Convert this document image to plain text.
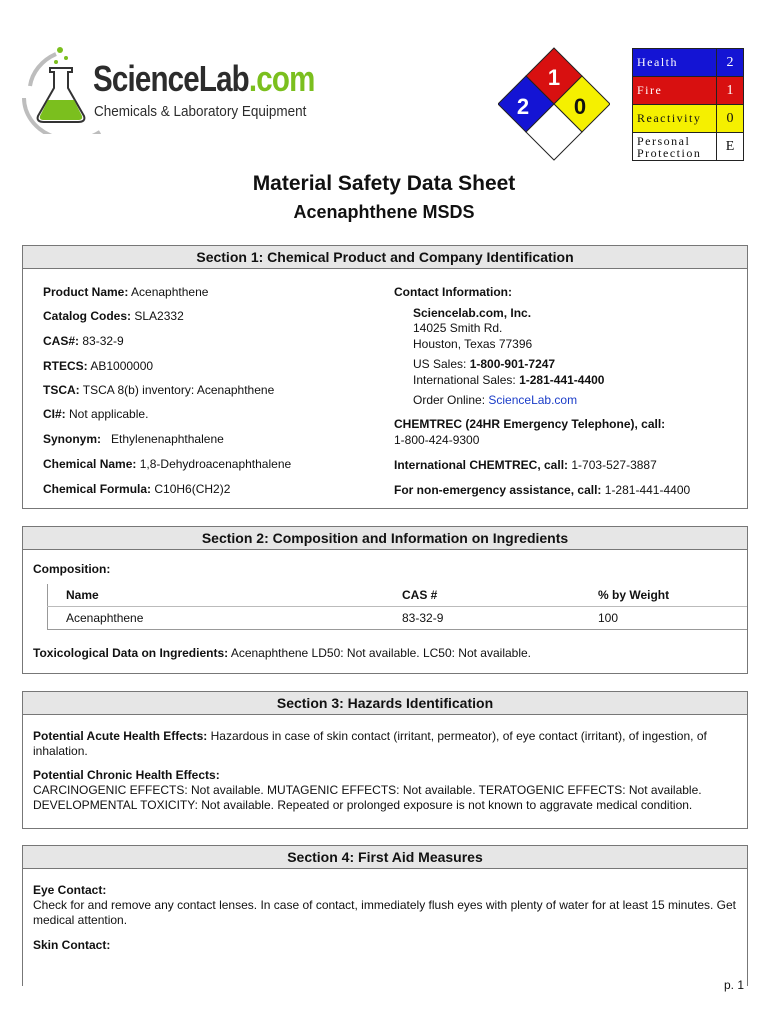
ScienceLab.com
Chemicals & Laboratory Equipment
1
2 0
Health	2
Fire	1
Reactivity	0
Personal
Protection	E
Material Safety Data Sheet
Acenaphthene MSDS
Section 1: Chemical Product and Company Identification
Product Name: Acenaphthene
Catalog Codes: SLA2332
CAS#: 83-32-9
RTECS: AB1000000
TSCA: TSCA 8(b) inventory: Acenaphthene
CI#: Not applicable.
Synonym: Ethylenenaphthalene
Chemical Name: 1,8-Dehydroacenaphthalene
Chemical Formula: C10H6(CH2)2
Contact Information:
Sciencelab.com, Inc.
14025 Smith Rd.
Houston, Texas 77396
US Sales: 1-800-901-7247
International Sales: 1-281-441-4400
Order Online: ScienceLab.com
CHEMTREC (24HR Emergency Telephone), call:
1-800-424-9300
International CHEMTREC, call: 1-703-527-3887
For non-emergency assistance, call: 1-281-441-4400
Section 2: Composition and Information on Ingredients
Composition:
Name	CAS #	% by Weight
Acenaphthene	83-32-9	100
Toxicological Data on Ingredients: Acenaphthene LD50: Not available. LC50: Not available.
Section 3: Hazards Identification
Potential Acute Health Effects: Hazardous in case of skin contact (irritant, permeator), of eye contact (irritant), of ingestion, of inhalation.
Potential Chronic Health Effects:
CARCINOGENIC EFFECTS: Not available. MUTAGENIC EFFECTS: Not available. TERATOGENIC EFFECTS: Not available. DEVELOPMENTAL TOXICITY: Not available. Repeated or prolonged exposure is not known to aggravate medical condition.
Section 4: First Aid Measures
Eye Contact:
Check for and remove any contact lenses. In case of contact, immediately flush eyes with plenty of water for at least 15 minutes. Get medical attention.
Skin Contact:
p. 1
